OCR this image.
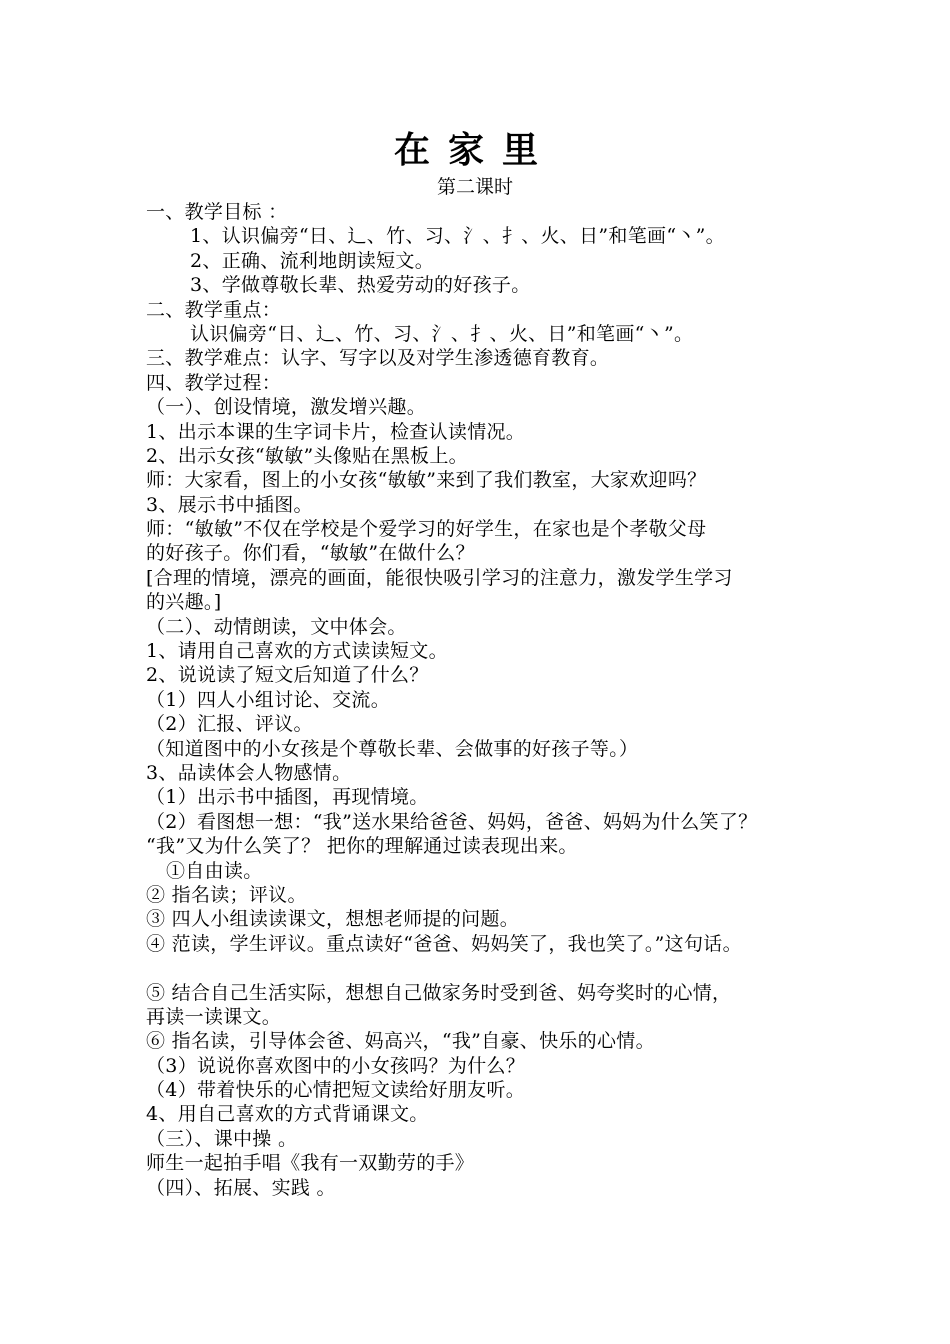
在家里
第二课时
一、教学目标 ：
1、认识偏旁“日、辶、竹、习、氵、扌、火、日”和笔画“丶”。
2、正确、流利地朗读短文。
3、学做尊敬长辈、热爱劳动的好孩子。
二、教学重点：
认识偏旁“日、辶、竹、习、氵、扌、火、日”和笔画“丶”。
三、教学难点：认字、写字以及对学生渗透德育教育。
四、教学过程：
（一）、创设情境，激发增兴趣。
1、出示本课的生字词卡片，检查认读情况。
2、出示女孩“敏敏”头像贴在黑板上。
师：大家看，图上的小女孩“敏敏”来到了我们教室，大家欢迎吗？
3、展示书中插图。
师：“敏敏”不仅在学校是个爱学习的好学生，在家也是个孝敬父母
的好孩子。你们看，“敏敏”在做什么？
[合理的情境，漂亮的画面，能很快吸引学习的注意力，激发学生学习
的兴趣。]
（二）、动情朗读，文中体会。
1、请用自己喜欢的方式读读短文。
2、说说读了短文后知道了什么？
（1）四人小组讨论、交流。
（2）汇报、评议。
（知道图中的小女孩是个尊敬长辈、会做事的好孩子等。）
3、品读体会人物感情。
（1）出示书中插图，再现情境。
（2）看图想一想：“我”送水果给爸爸、妈妈，爸爸、妈妈为什么笑了？
“我”又为什么笑了？ 把你的理解通过读表现出来。
①自由读。
② 指名读；评议。
③ 四人小组读读课文，想想老师提的问题。
④ 范读，学生评议。重点读好“爸爸、妈妈笑了，我也笑了。”这句话。
⑤ 结合自己生活实际，想想自己做家务时受到爸、妈夸奖时的心情，
再读一读课文。
⑥ 指名读，引导体会爸、妈高兴，“我”自豪、快乐的心情。
（3）说说你喜欢图中的小女孩吗？为什么？
（4）带着快乐的心情把短文读给好朋友听。
4、用自己喜欢的方式背诵课文。
（三）、课中操 。
师生一起拍手唱《我有一双勤劳的手》
（四）、拓展、实践 。
